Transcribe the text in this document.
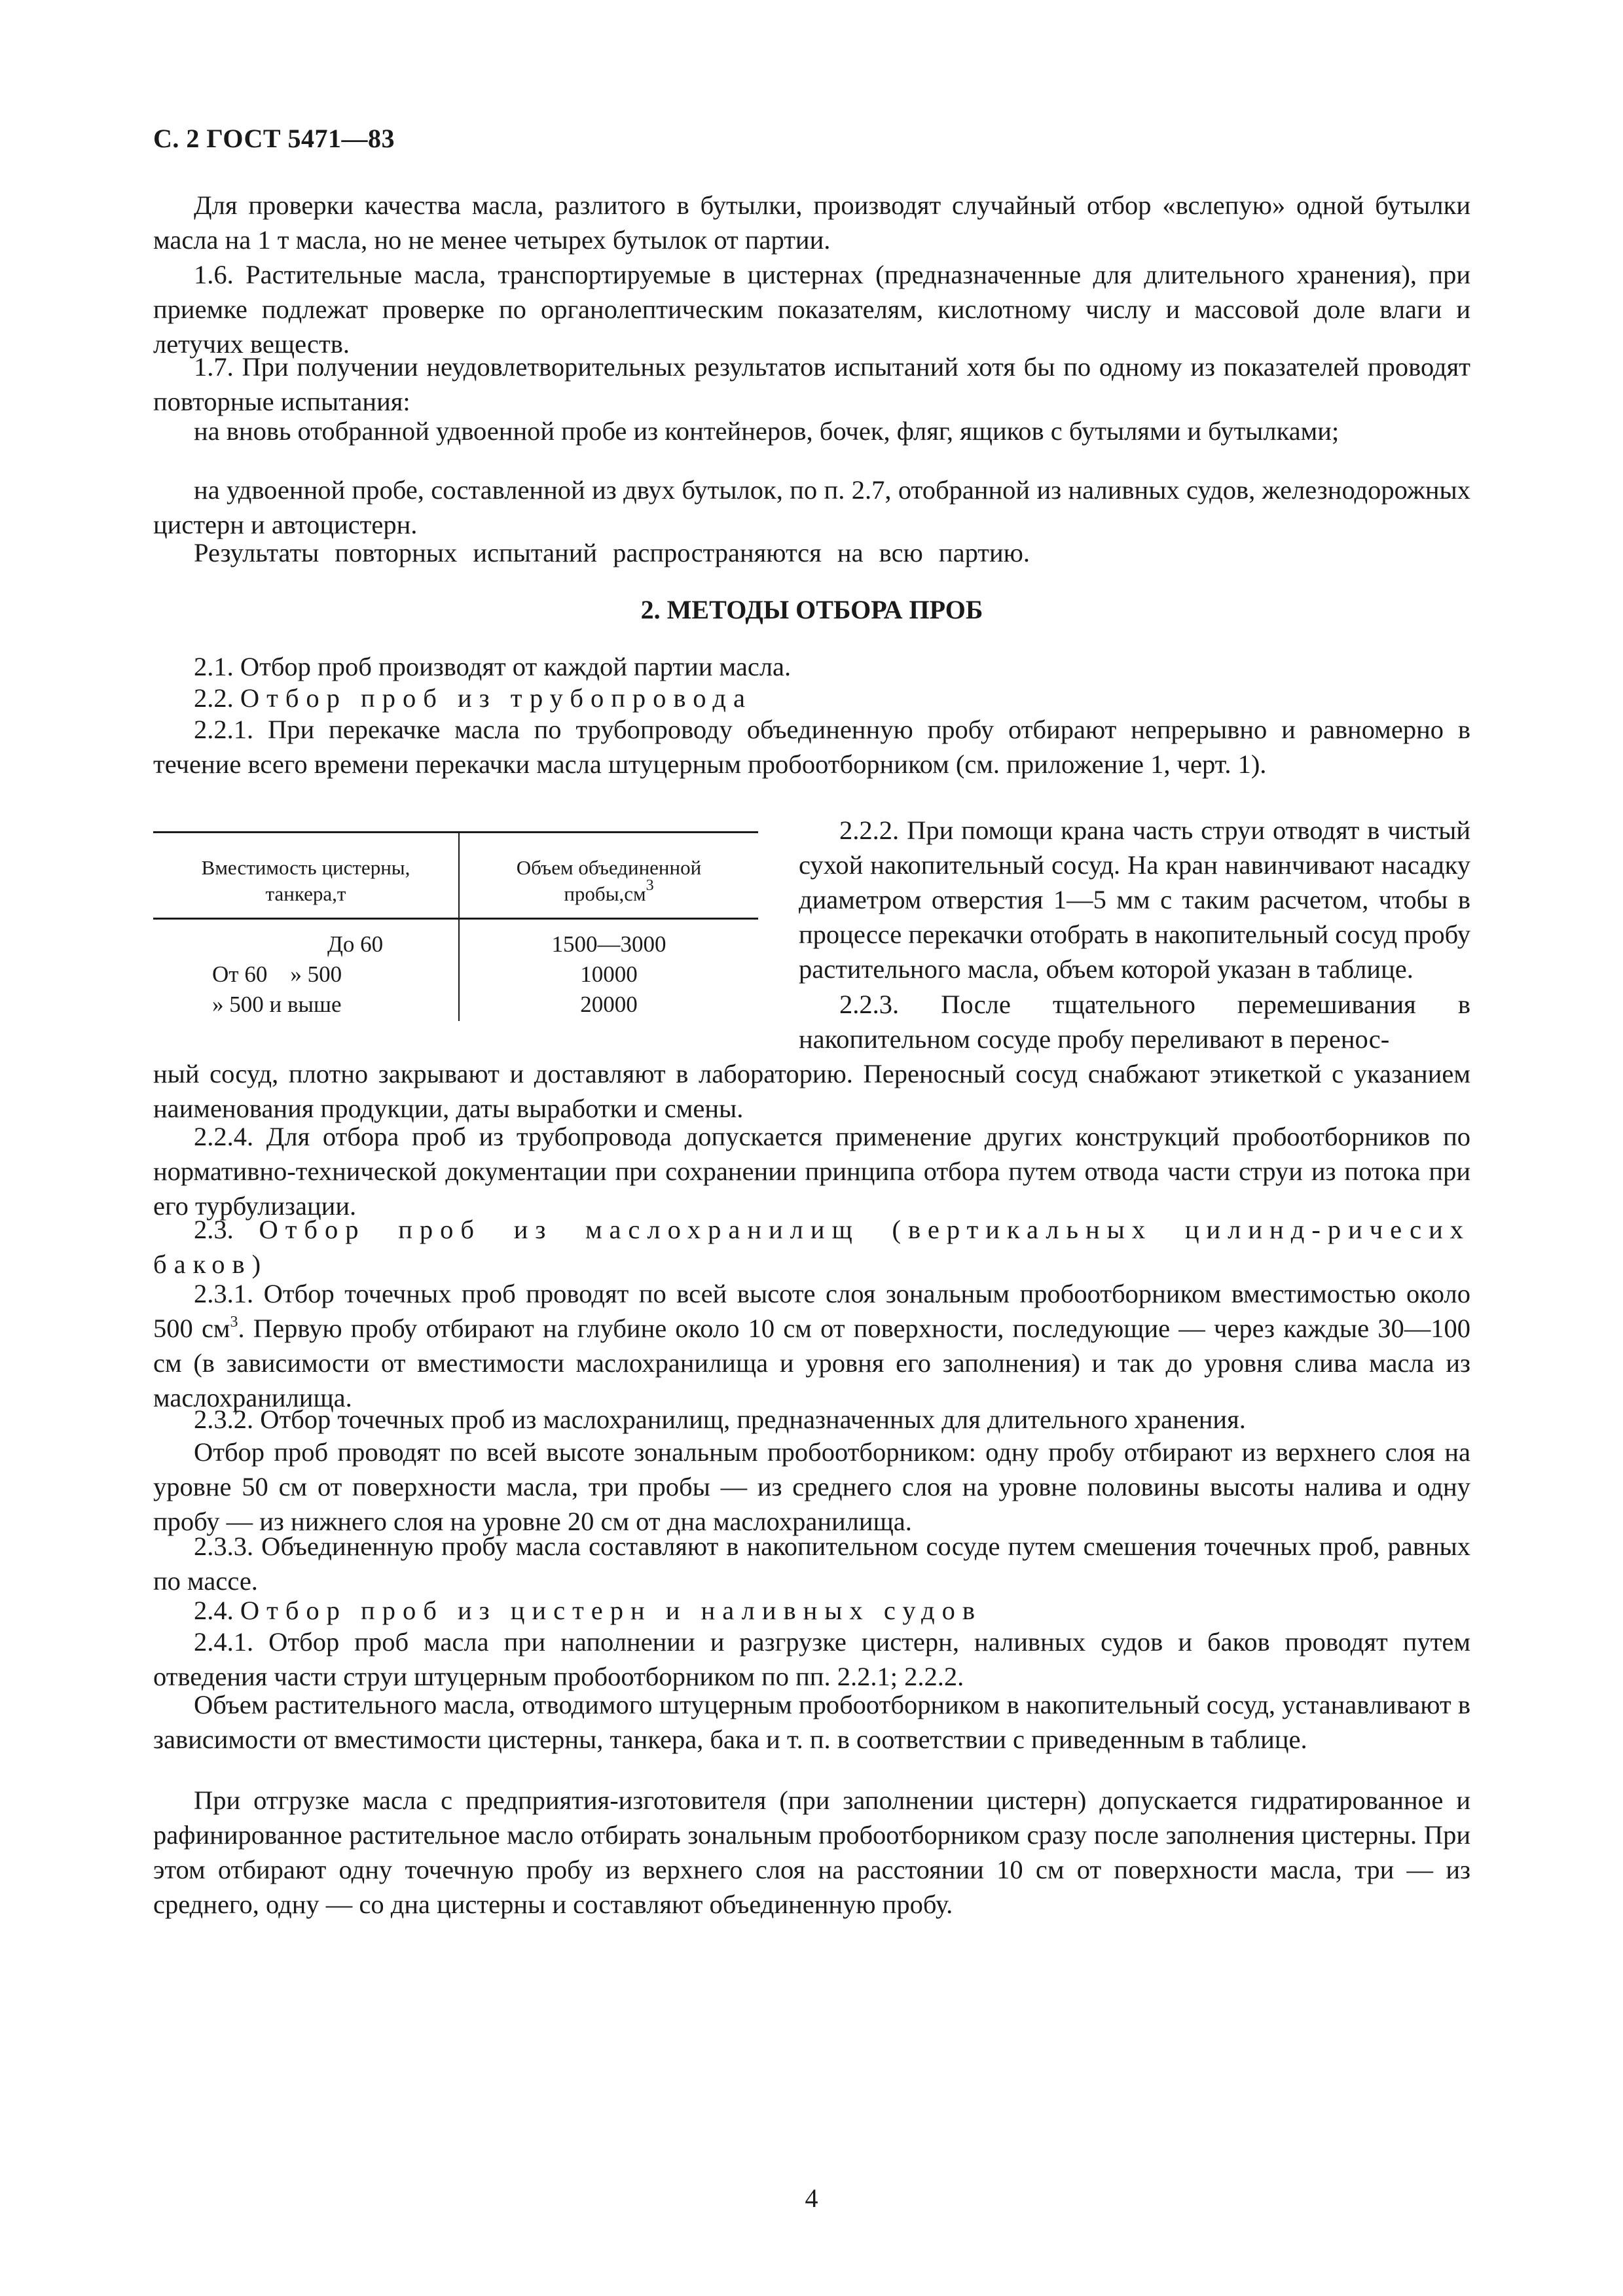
С. 2 ГОСТ 5471—83

Для проверки качества масла, разлитого в бутылки, производят случайный отбор «вслепую» одной бутылки масла на 1 т масла, но не менее четырех бутылок от партии.

1.6. Растительные масла, транспортируемые в цистернах (предназначенные для длительного хранения), при приемке подлежат проверке по органолептическим показателям, кислотному числу и массовой доле влаги и летучих веществ.

1.7. При получении неудовлетворительных результатов испытаний хотя бы по одному из показателей проводят повторные испытания:

на вновь отобранной удвоенной пробе из контейнеров, бочек, фляг, ящиков с бутылями и бутылками;

на удвоенной пробе, составленной из двух бутылок, по п. 2.7, отобранной из наливных судов, железнодорожных цистерн и автоцистерн.

Результаты повторных испытаний распространяются на всю партию.

2. МЕТОДЫ ОТБОРА ПРОБ

2.1. Отбор проб производят от каждой партии масла.

2.2. Отбор проб из трубопровода

2.2.1. При перекачке масла по трубопроводу объединенную пробу отбирают непрерывно и равномерно в течение всего времени перекачки масла штуцерным пробоотборником (см. приложение 1, черт. 1).

Вместимость цистерны,
танкера,т
Объем объединенной
$пробы,см^3$
До 60
От 60    » 500
» 500 и выше
1500—3000
10000
20000

2.2.2. При помощи крана часть струи отводят в чистый сухой накопительный сосуд. На кран навинчивают насадку диаметром отверстия 1—5 мм с таким расчетом, чтобы в процессе перекачки отобрать в накопительный сосуд пробу растительного масла, объем которой указан в таблице.

2.2.3. После тщательного перемешивания в накопительном сосуде пробу переливают в перенос-

ный сосуд, плотно закрывают и доставляют в лабораторию. Переносный сосуд снабжают этикеткой с указанием наименования продукции, даты выработки и смены.

2.2.4. Для отбора проб из трубопровода допускается применение других конструкций пробоотборников по нормативно-технической документации при сохранении принципа отбора путем отвода части струи из потока при его турбулизации.

2.3. Отбор проб из маслохранилищ (вертикальных цилинд-ричесих баков)

2.3.1. Отбор точечных проб проводят по всей высоте слоя зональным пробоотборником вместимостью около 500 $см^3$. Первую пробу отбирают на глубине около 10 см от поверхности, последующие — через каждые 30—100 см (в зависимости от вместимости маслохранилища и уровня его заполнения) и так до уровня слива масла из маслохранилища.

2.3.2. Отбор точечных проб из маслохранилищ, предназначенных для длительного хранения.

Отбор проб проводят по всей высоте зональным пробоотборником: одну пробу отбирают из верхнего слоя на уровне 50 см от поверхности масла, три пробы — из среднего слоя на уровне половины высоты налива и одну пробу — из нижнего слоя на уровне 20 см от дна маслохранилища.

2.3.3. Объединенную пробу масла составляют в накопительном сосуде путем смешения точечных проб, равных по массе.

2.4. Отбор проб из цистерн и наливных судов

2.4.1. Отбор проб масла при наполнении и разгрузке цистерн, наливных судов и баков проводят путем отведения части струи штуцерным пробоотборником по пп. 2.2.1; 2.2.2.

Объем растительного масла, отводимого штуцерным пробоотборником в накопительный сосуд, устанавливают в зависимости от вместимости цистерны, танкера, бака и т. п. в соответствии с приведенным в таблице.

При отгрузке масла с предприятия-изготовителя (при заполнении цистерн) допускается гидратированное и рафинированное растительное масло отбирать зональным пробоотборником сразу после заполнения цистерны. При этом отбирают одну точечную пробу из верхнего слоя на расстоянии 10 см от поверхности масла, три — из среднего, одну — со дна цистерны и составляют объединенную пробу.

4
